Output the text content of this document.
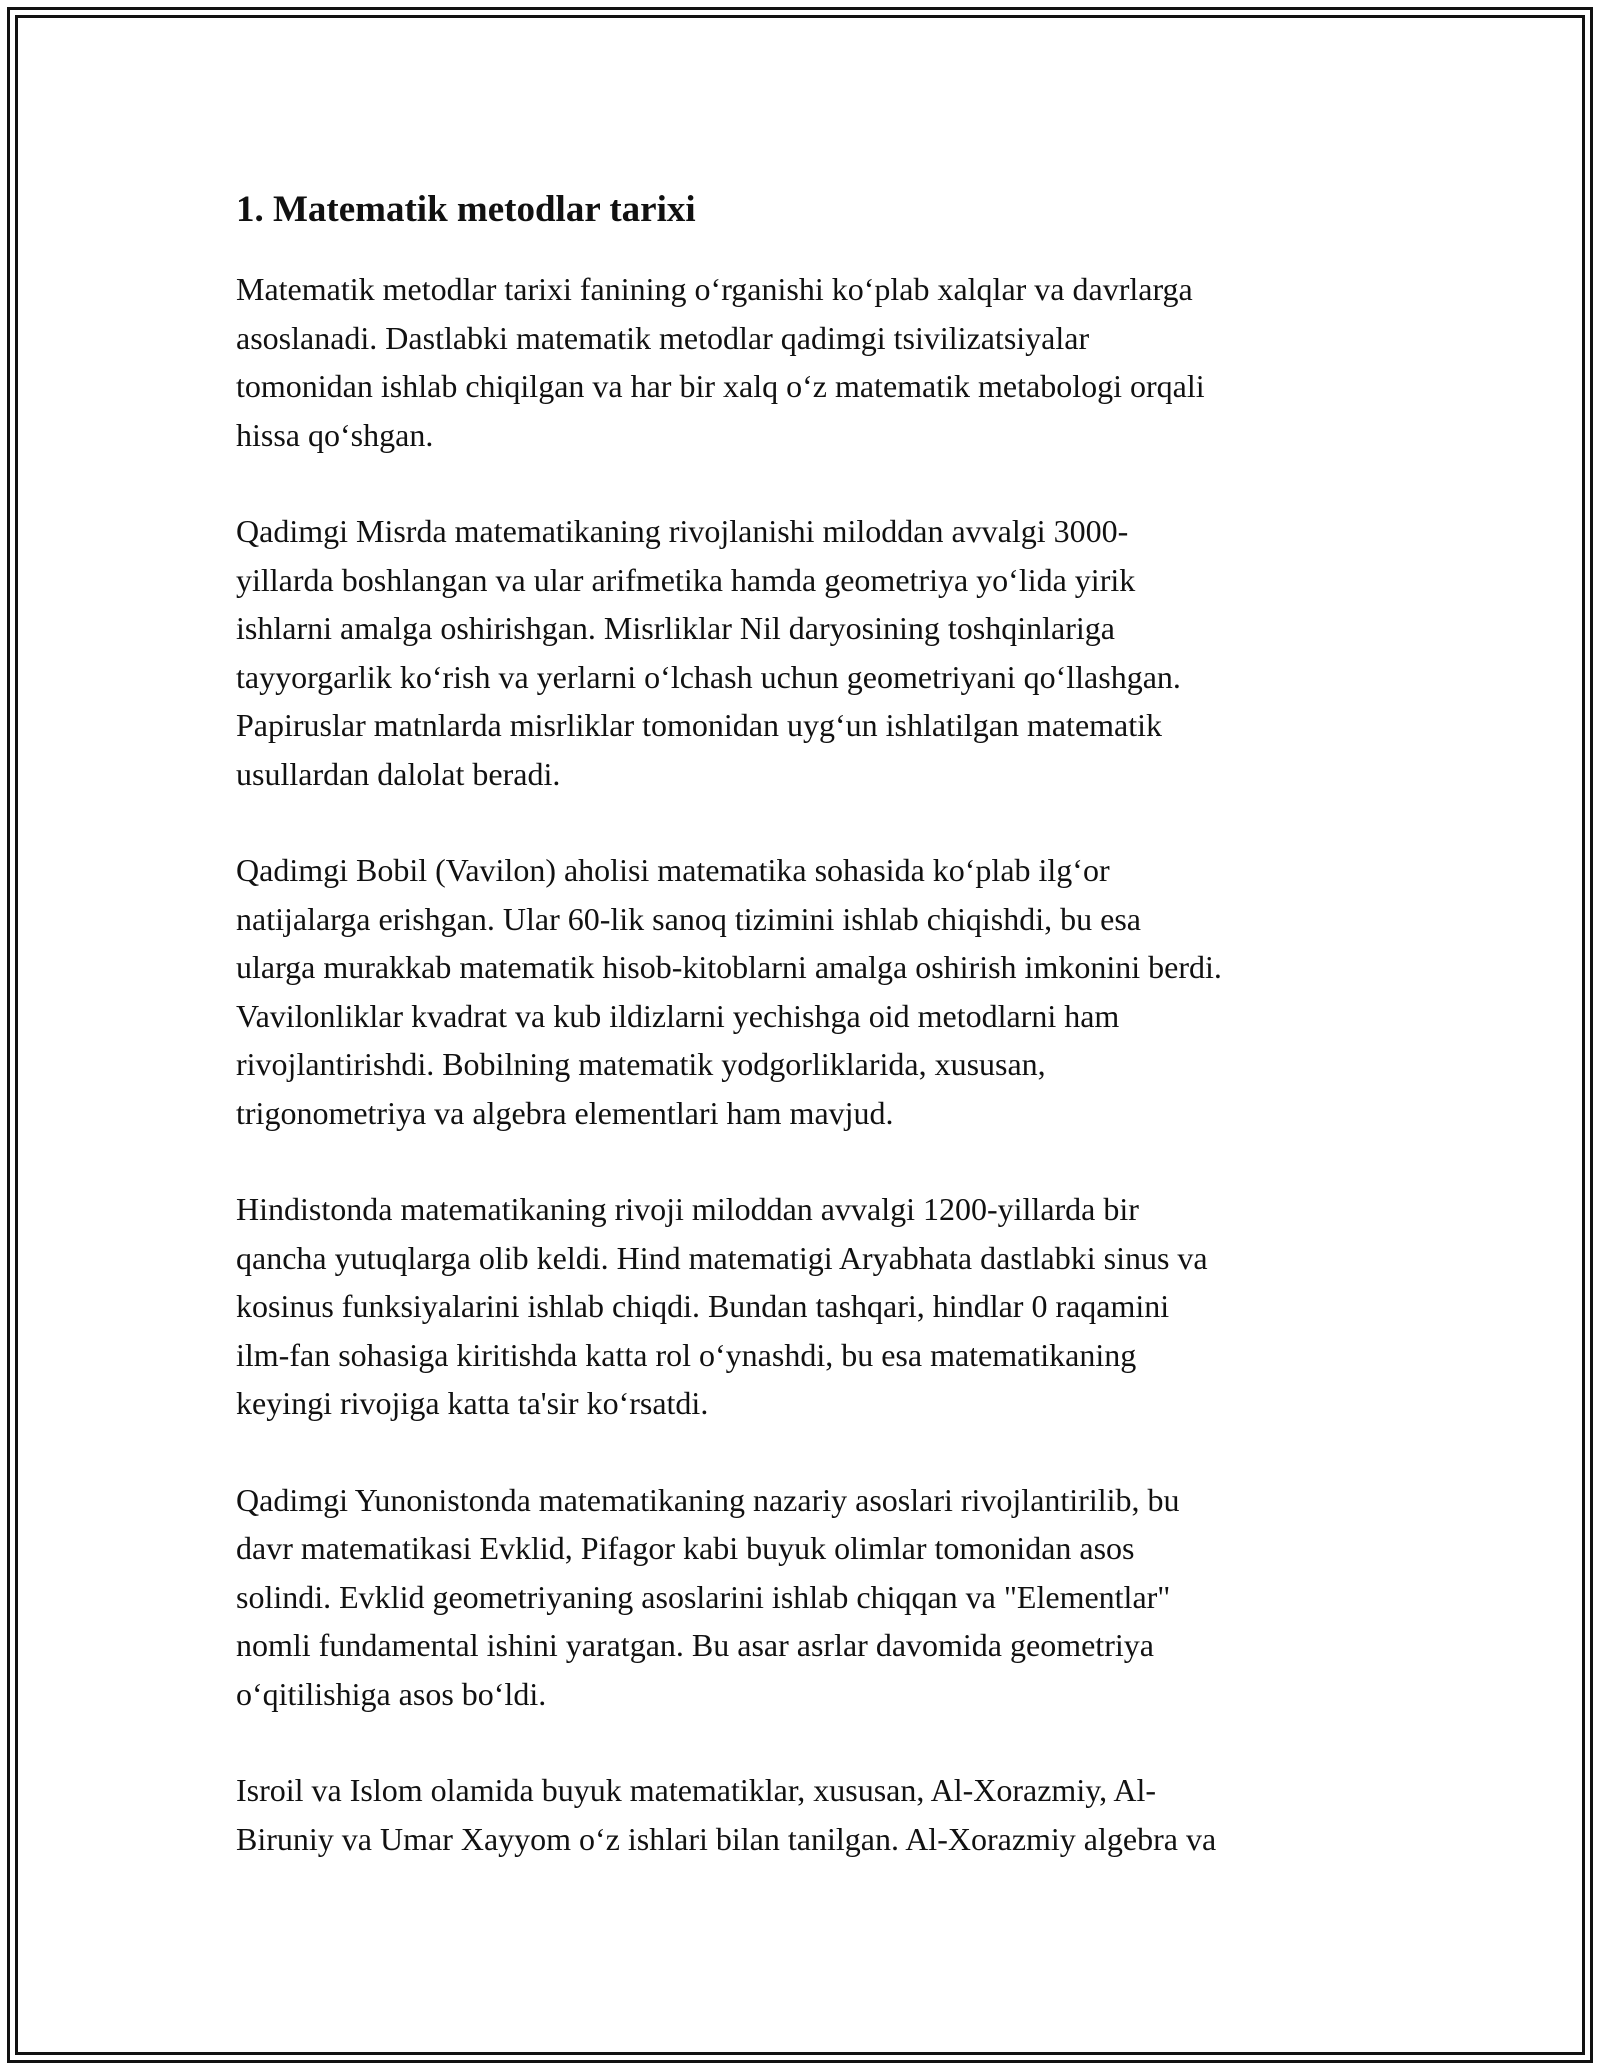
1. Matematik metodlar tarixi

Matematik metodlar tarixi fanining o‘rganishi ko‘plab xalqlar va davrlarga
asoslanadi. Dastlabki matematik metodlar qadimgi tsivilizatsiyalar
tomonidan ishlab chiqilgan va har bir xalq o‘z matematik metabologi orqali
hissa qo‘shgan.

Qadimgi Misrda matematikaning rivojlanishi miloddan avvalgi 3000-
yillarda boshlangan va ular arifmetika hamda geometriya yo‘lida yirik
ishlarni amalga oshirishgan. Misrliklar Nil daryosining toshqinlariga
tayyorgarlik ko‘rish va yerlarni o‘lchash uchun geometriyani qo‘llashgan.
Papiruslar matnlarda misrliklar tomonidan uyg‘un ishlatilgan matematik
usullardan dalolat beradi.

Qadimgi Bobil (Vavilon) aholisi matematika sohasida ko‘plab ilg‘or
natijalarga erishgan. Ular 60-lik sanoq tizimini ishlab chiqishdi, bu esa
ularga murakkab matematik hisob-kitoblarni amalga oshirish imkonini berdi.
Vavilonliklar kvadrat va kub ildizlarni yechishga oid metodlarni ham
rivojlantirishdi. Bobilning matematik yodgorliklarida, xususan,
trigonometriya va algebra elementlari ham mavjud.

Hindistonda matematikaning rivoji miloddan avvalgi 1200-yillarda bir
qancha yutuqlarga olib keldi. Hind matematigi Aryabhata dastlabki sinus va
kosinus funksiyalarini ishlab chiqdi. Bundan tashqari, hindlar 0 raqamini
ilm-fan sohasiga kiritishda katta rol o‘ynashdi, bu esa matematikaning
keyingi rivojiga katta ta'sir ko‘rsatdi.

Qadimgi Yunonistonda matematikaning nazariy asoslari rivojlantirilib, bu
davr matematikasi Evklid, Pifagor kabi buyuk olimlar tomonidan asos
solindi. Evklid geometriyaning asoslarini ishlab chiqqan va "Elementlar"
nomli fundamental ishini yaratgan. Bu asar asrlar davomida geometriya
o‘qitilishiga asos bo‘ldi.

Isroil va Islom olamida buyuk matematiklar, xususan, Al-Xorazmiy, Al-
Biruniy va Umar Xayyom o‘z ishlari bilan tanilgan. Al-Xorazmiy algebra va
